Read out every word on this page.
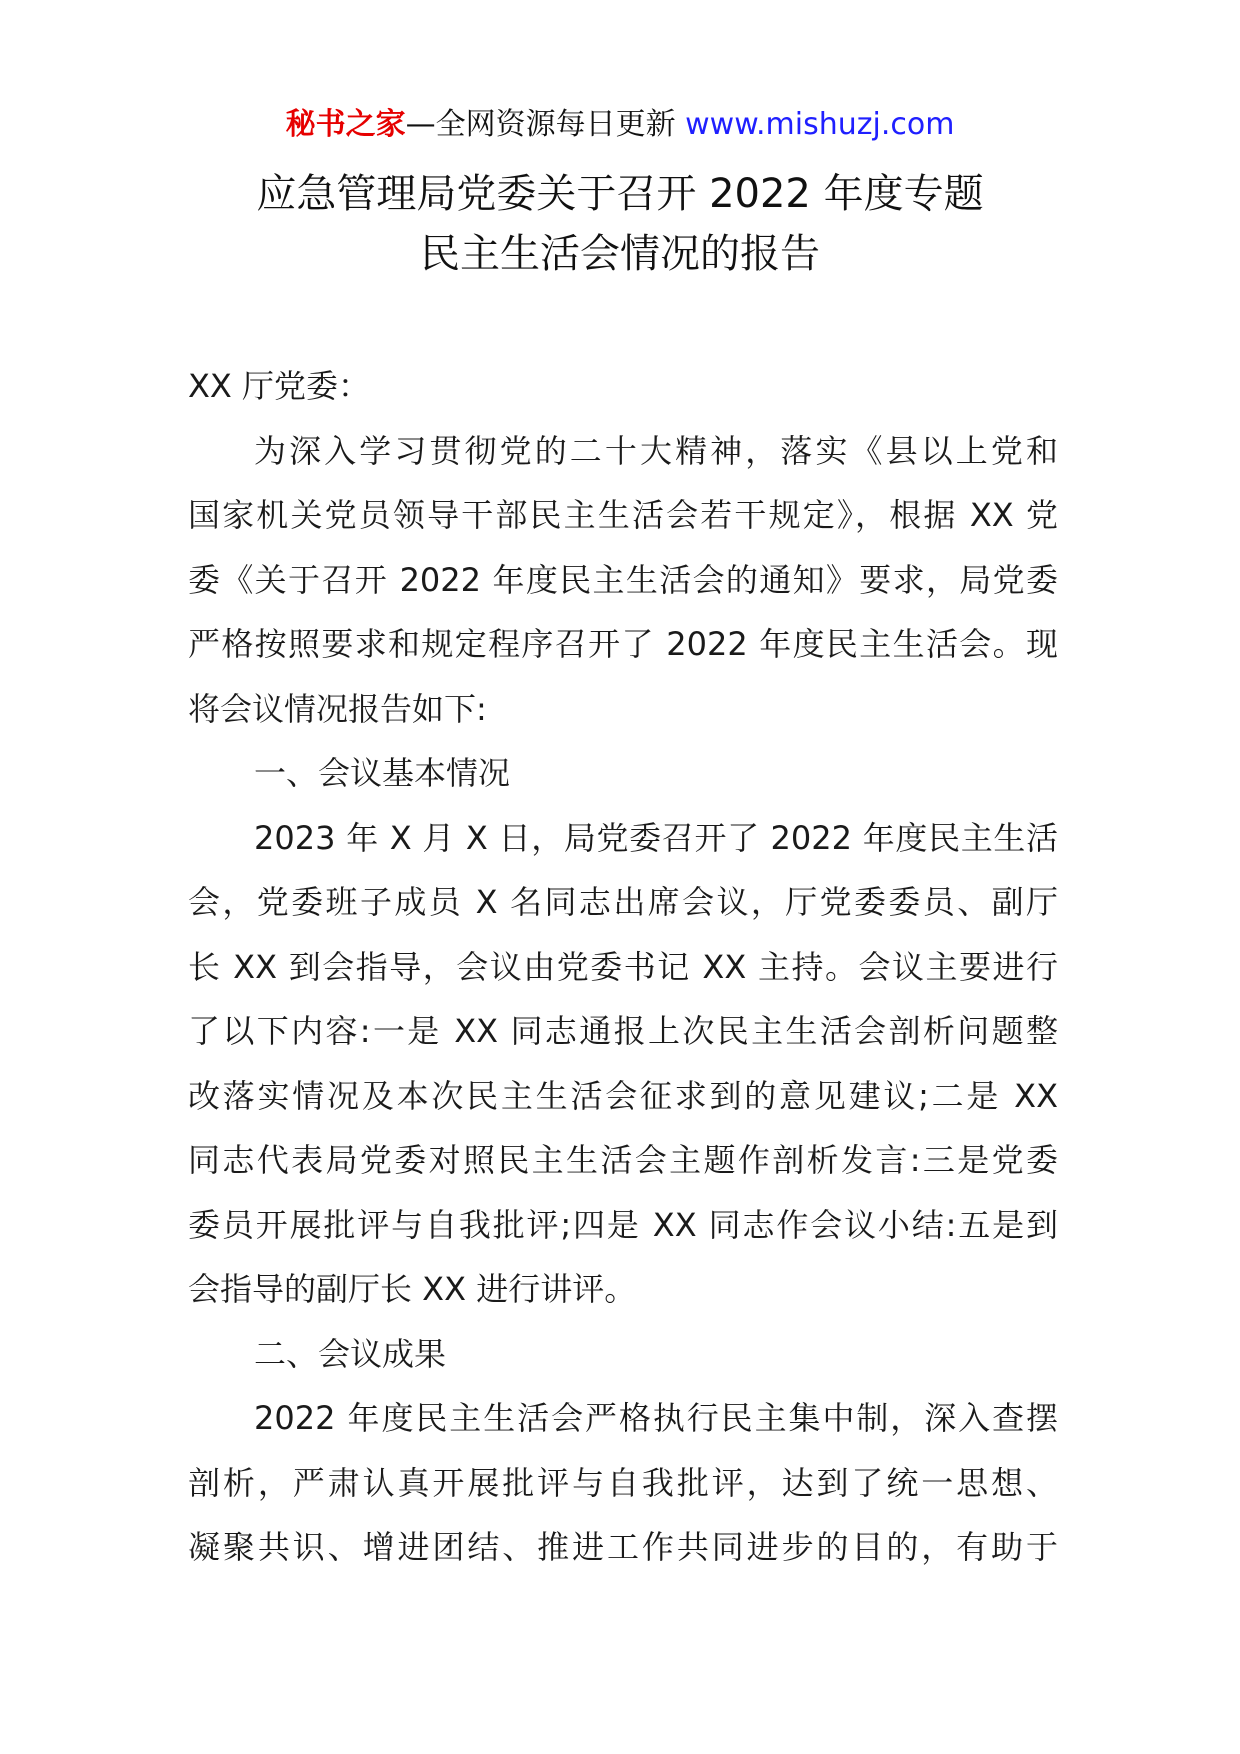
秘书之家—全网资源每日更新 www.mishuzj.com
应急管理局党委关于召开 2022 年度专题
民主生活会情况的报告
XX 厅党委：
为深入学习贯彻党的二十大精神，落实《县以上党和
国家机关党员领导干部民主生活会若干规定》，根据 XX 党
委《关于召开 2022 年度民主生活会的通知》要求，局党委
严格按照要求和规定程序召开了 2022 年度民主生活会。现
将会议情况报告如下:
一、会议基本情况
2023 年 X 月 X 日，局党委召开了 2022 年度民主生活
会，党委班子成员 X 名同志出席会议，厅党委委员、副厅
长 XX 到会指导，会议由党委书记 XX 主持。会议主要进行
了以下内容:一是 XX 同志通报上次民主生活会剖析问题整
改落实情况及本次民主生活会征求到的意见建议;二是 XX
同志代表局党委对照民主生活会主题作剖析发言:三是党委
委员开展批评与自我批评;四是 XX 同志作会议小结:五是到
会指导的副厅长 XX 进行讲评。
二、会议成果
2022 年度民主生活会严格执行民主集中制，深入查摆
剖析，严肃认真开展批评与自我批评，达到了统一思想、
凝聚共识、增进团结、推进工作共同进步的目的，有助于
